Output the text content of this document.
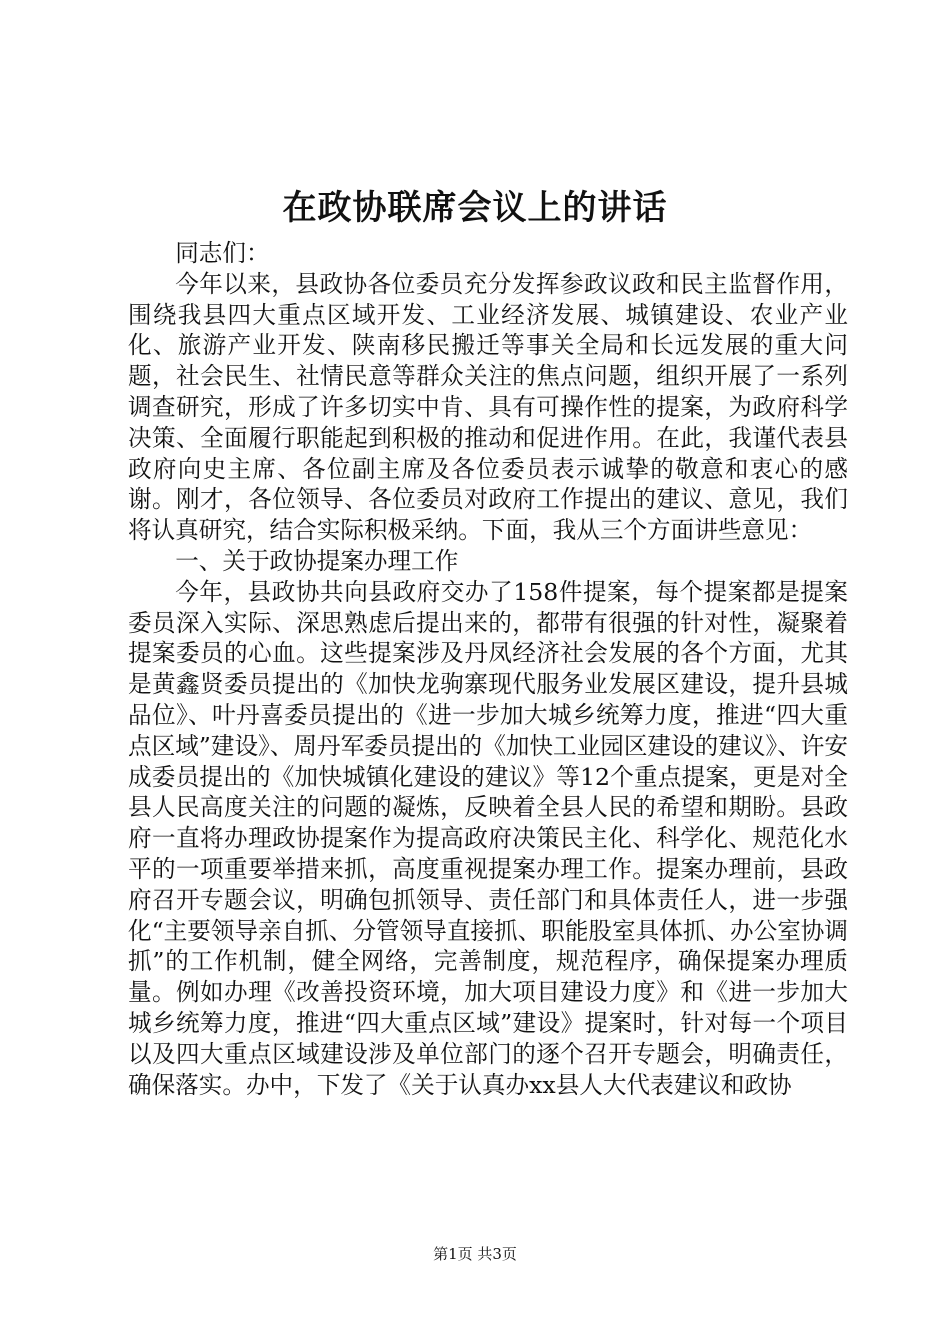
在政协联席会议上的讲话

同志们：

今年以来，县政协各位委员充分发挥参政议政和民主监督作用，围绕我县四大重点区域开发、工业经济发展、城镇建设、农业产业化、旅游产业开发、陕南移民搬迁等事关全局和长远发展的重大问题，社会民生、社情民意等群众关注的焦点问题，组织开展了一系列调查研究，形成了许多切实中肯、具有可操作性的提案，为政府科学决策、全面履行职能起到积极的推动和促进作用。在此，我谨代表县政府向史主席、各位副主席及各位委员表示诚挚的敬意和衷心的感谢。刚才，各位领导、各位委员对政府工作提出的建议、意见，我们将认真研究，结合实际积极采纳。下面，我从三个方面讲些意见：

一、关于政协提案办理工作

今年，县政协共向县政府交办了158件提案，每个提案都是提案委员深入实际、深思熟虑后提出来的，都带有很强的针对性，凝聚着提案委员的心血。这些提案涉及丹凤经济社会发展的各个方面，尤其是黄鑫贤委员提出的《加快龙驹寨现代服务业发展区建设，提升县城品位》、叶丹喜委员提出的《进一步加大城乡统筹力度，推进“四大重点区域”建设》、周丹军委员提出的《加快工业园区建设的建议》、许安成委员提出的《加快城镇化建设的建议》等12个重点提案，更是对全县人民高度关注的问题的凝炼，反映着全县人民的希望和期盼。县政府一直将办理政协提案作为提高政府决策民主化、科学化、规范化水平的一项重要举措来抓，高度重视提案办理工作。提案办理前，县政府召开专题会议，明确包抓领导、责任部门和具体责任人，进一步强化“主要领导亲自抓、分管领导直接抓、职能股室具体抓、办公室协调抓”的工作机制，健全网络，完善制度，规范程序，确保提案办理质量。例如办理《改善投资环境，加大项目建设力度》和《进一步加大城乡统筹力度，推进“四大重点区域”建设》提案时，针对每一个项目以及四大重点区域建设涉及单位部门的逐个召开专题会，明确责任，确保落实。办中，下发了《关于认真办xx县人大代表建议和政协

第1页 共3页
